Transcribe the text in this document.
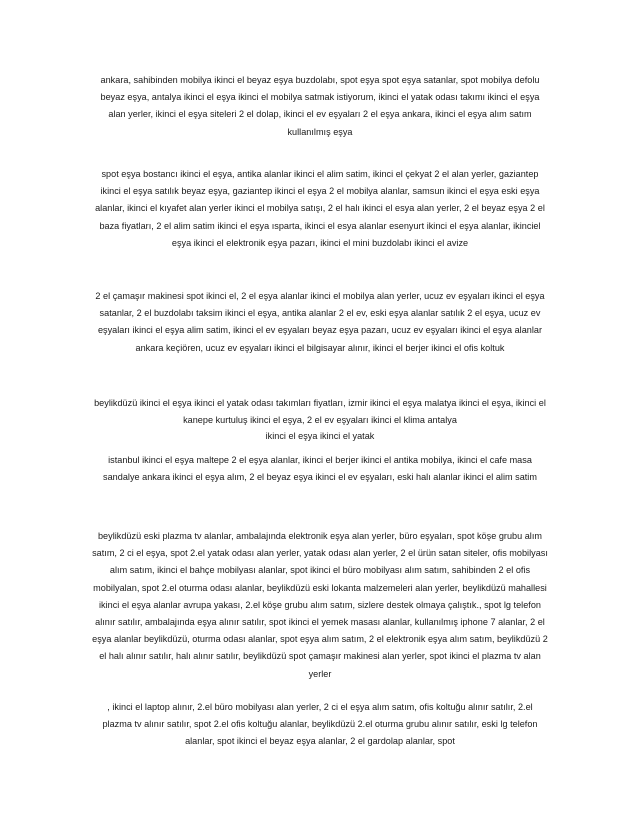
ankara, sahibinden mobilya ikinci el beyaz eşya buzdolabı, spot eşya spot eşya satanlar, spot mobilya defolu beyaz eşya, antalya ikinci el eşya ikinci el mobilya satmak istiyorum, ikinci el yatak odası takımı ikinci el eşya alan yerler, ikinci el eşya siteleri 2 el dolap, ikinci el ev eşyaları 2 el eşya ankara, ikinci el eşya alım satım kullanılmış eşya

spot eşya bostancı ikinci el eşya, antika alanlar ikinci el alim satim, ikinci el çekyat 2 el alan yerler, gaziantep ikinci el eşya satılık beyaz eşya, gaziantep ikinci el eşya 2 el mobilya alanlar, samsun ikinci el eşya eski eşya alanlar, ikinci el kıyafet alan yerler ikinci el mobilya satışı, 2 el halı ikinci el esya alan yerler, 2 el beyaz eşya 2 el baza fiyatları, 2 el alim satim ikinci el eşya ısparta, ikinci el esya alanlar esenyurt ikinci el eşya alanlar, ikinciel eşya ikinci el elektronik eşya pazarı, ikinci el mini buzdolabı ikinci el avize

2 el çamaşır makinesi spot ikinci el, 2 el eşya alanlar ikinci el mobilya alan yerler, ucuz ev eşyaları ikinci el eşya satanlar, 2 el buzdolabı taksim ikinci el eşya, antika alanlar 2 el ev, eski eşya alanlar satılık 2 el eşya, ucuz ev eşyaları ikinci el eşya alim satim, ikinci el ev eşyaları beyaz eşya pazarı, ucuz ev eşyaları ikinci el eşya alanlar ankara keçiören, ucuz ev eşyaları ikinci el bilgisayar alınır, ikinci el berjer ikinci el ofis koltuk

beylikdüzü ikinci el eşya ikinci el yatak odası takımları fiyatları, izmir ikinci el eşya malatya ikinci el eşya, ikinci el kanepe kurtuluş ikinci el eşya, 2 el ev eşyaları ikinci el klima antalya

ikinci el eşya ikinci el yatak

istanbul ikinci el eşya maltepe 2 el eşya alanlar, ikinci el berjer ikinci el antika mobilya, ikinci el cafe masa sandalye ankara ikinci el eşya alım, 2 el beyaz eşya ikinci el ev eşyaları, eski halı alanlar ikinci el alim satim

beylikdüzü eski plazma tv alanlar, ambalajında elektronik eşya alan yerler, büro eşyaları, spot köşe grubu alım satım, 2 ci el eşya, spot 2.el yatak odası alan yerler, yatak odası alan yerler, 2 el ürün satan siteler, ofis mobilyası alım satım, ikinci el bahçe mobilyası alanlar, spot ikinci el büro mobilyası alım satım, sahibinden 2 el ofis mobilyalan, spot 2.el oturma odası alanlar, beylikdüzü eski lokanta malzemeleri alan yerler, beylikdüzü mahallesi ikinci el eşya alanlar avrupa yakası, 2.el köşe grubu alım satım, sizlere destek olmaya çalıştık., spot lg telefon alınır satılır, ambalajında eşya alınır satılır, spot ikinci el yemek masası alanlar, kullanılmış iphone 7 alanlar, 2 el eşya alanlar beylikdüzü, oturma odası alanlar, spot eşya alım satım, 2 el elektronik eşya alım satım, beylikdüzü 2 el halı alınır satılır, halı alınır satılır, beylikdüzü spot çamaşır makinesi alan yerler, spot ikinci el plazma tv alan yerler

, ikinci el laptop alınır, 2.el büro mobilyası alan yerler, 2 ci el eşya alım satım, ofis koltuğu alınır satılır, 2.el plazma tv alınır satılır, spot 2.el ofis koltuğu alanlar, beylikdüzü 2.el oturma grubu alınır satılır, eski lg telefon alanlar, spot ikinci el beyaz eşya alanlar, 2 el gardolap alanlar, spot
